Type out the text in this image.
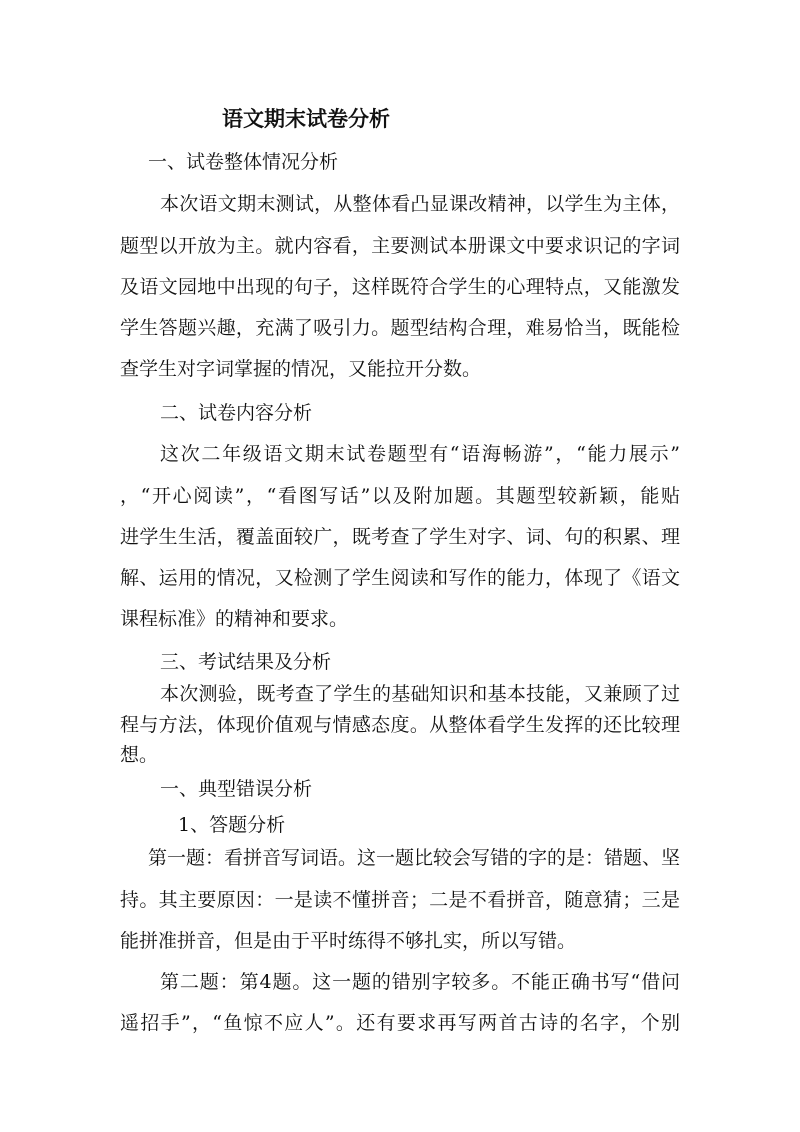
语文期末试卷分析
一、试卷整体情况分析
本次语文期末测试，从整体看凸显课改精神，以学生为主体，
题型以开放为主。就内容看，主要测试本册课文中要求识记的字词
及语文园地中出现的句子，这样既符合学生的心理特点，又能激发
学生答题兴趣，充满了吸引力。题型结构合理，难易恰当，既能检
查学生对字词掌握的情况，又能拉开分数。
二、试卷内容分析
这次二年级语文期末试卷题型有“语海畅游”，“能力展示”
，“开心阅读”，“看图写话”以及附加题。其题型较新颖，能贴
进学生生活，覆盖面较广，既考查了学生对字、词、句的积累、理
解、运用的情况，又检测了学生阅读和写作的能力，体现了《语文
课程标准》的精神和要求。
三、考试结果及分析
本次测验，既考查了学生的基础知识和基本技能，又兼顾了过
程与方法，体现价值观与情感态度。从整体看学生发挥的还比较理
想。
一、典型错误分析
1、答题分析
第一题：看拼音写词语。这一题比较会写错的字的是：错题、坚
持。其主要原因：一是读不懂拼音；二是不看拼音，随意猜；三是
能拼准拼音，但是由于平时练得不够扎实，所以写错。
第二题：第4题。这一题的错别字较多。不能正确书写“借问
遥招手”，“鱼惊不应人”。还有要求再写两首古诗的名字，个别
